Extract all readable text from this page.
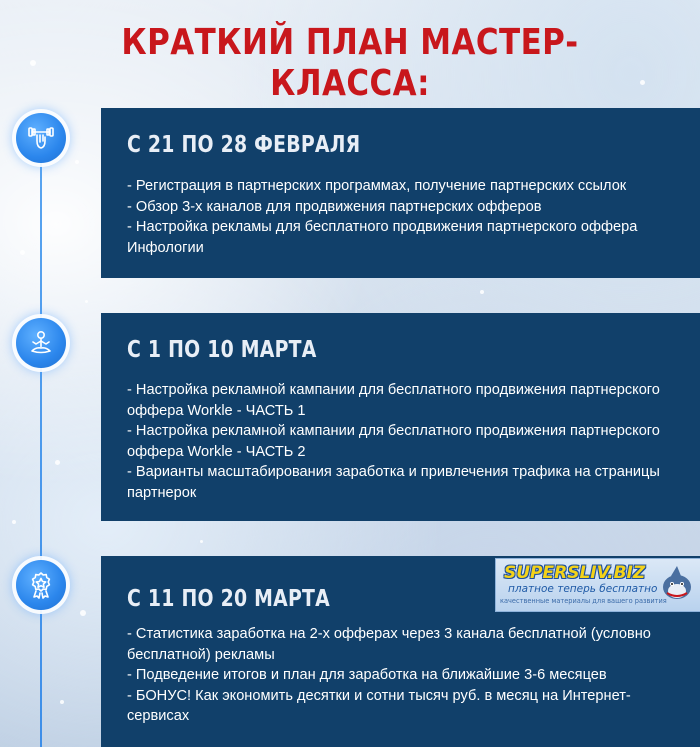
КРАТКИЙ ПЛАН МАСТЕР-КЛАССА:
С 21 ПО 28 ФЕВРАЛЯ

- Регистрация в партнерских программах, получение партнерских ссылок

- Обзор 3-х каналов для продвижения партнерских офферов

- Настройка рекламы для бесплатного продвижения партнерского оффера Инфологии

С 1 ПО 10 МАРТА

- Настройка рекламной кампании для бесплатного продвижения партнерского оффера Workle - ЧАСТЬ 1

- Настройка рекламной кампании для бесплатного продвижения партнерского оффера Workle - ЧАСТЬ 2

- Варианты масштабирования заработка и привлечения трафика на страницы партнерок

С 11 ПО 20 МАРТА

- Статистика заработка на 2-х офферах через 3 канала бесплатной (условно бесплатной) рекламы

- Подведение итогов и план для заработка на ближайшие 3-6 месяцев

- БОНУС! Как экономить десятки и сотни тысяч руб. в месяц на Интернет-сервисах

SUPERSLIV.BIZ
платное теперь бесплатно
качественные материалы для вашего развития
